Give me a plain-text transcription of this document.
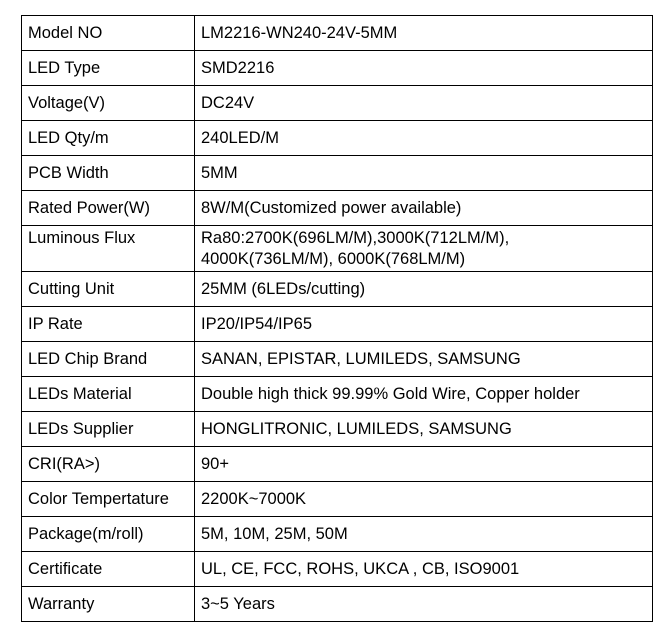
Model NO	LM2216-WN240-24V-5MM

LED Type	SMD2216

Voltage(V)	DC24V

LED Qty/m	240LED/M

PCB Width	5MM

Rated Power(W)	8W/M(Customized power available)

Luminous Flux	Ra80:2700K(696LM/M),3000K(712LM/M),
4000K(736LM/M), 6000K(768LM/M)

Cutting Unit	25MM (6LEDs/cutting)

IP Rate	IP20/IP54/IP65

LED Chip Brand	SANAN, EPISTAR, LUMILEDS, SAMSUNG

LEDs Material	Double high thick 99.99% Gold Wire, Copper holder

LEDs Supplier	HONGLITRONIC, LUMILEDS, SAMSUNG

CRI(RA>)	90+

Color Tempertature	2200K~7000K

Package(m/roll)	5M, 10M, 25M, 50M

Certificate	UL, CE, FCC, ROHS, UKCA , CB, ISO9001

Warranty	3~5 Years
